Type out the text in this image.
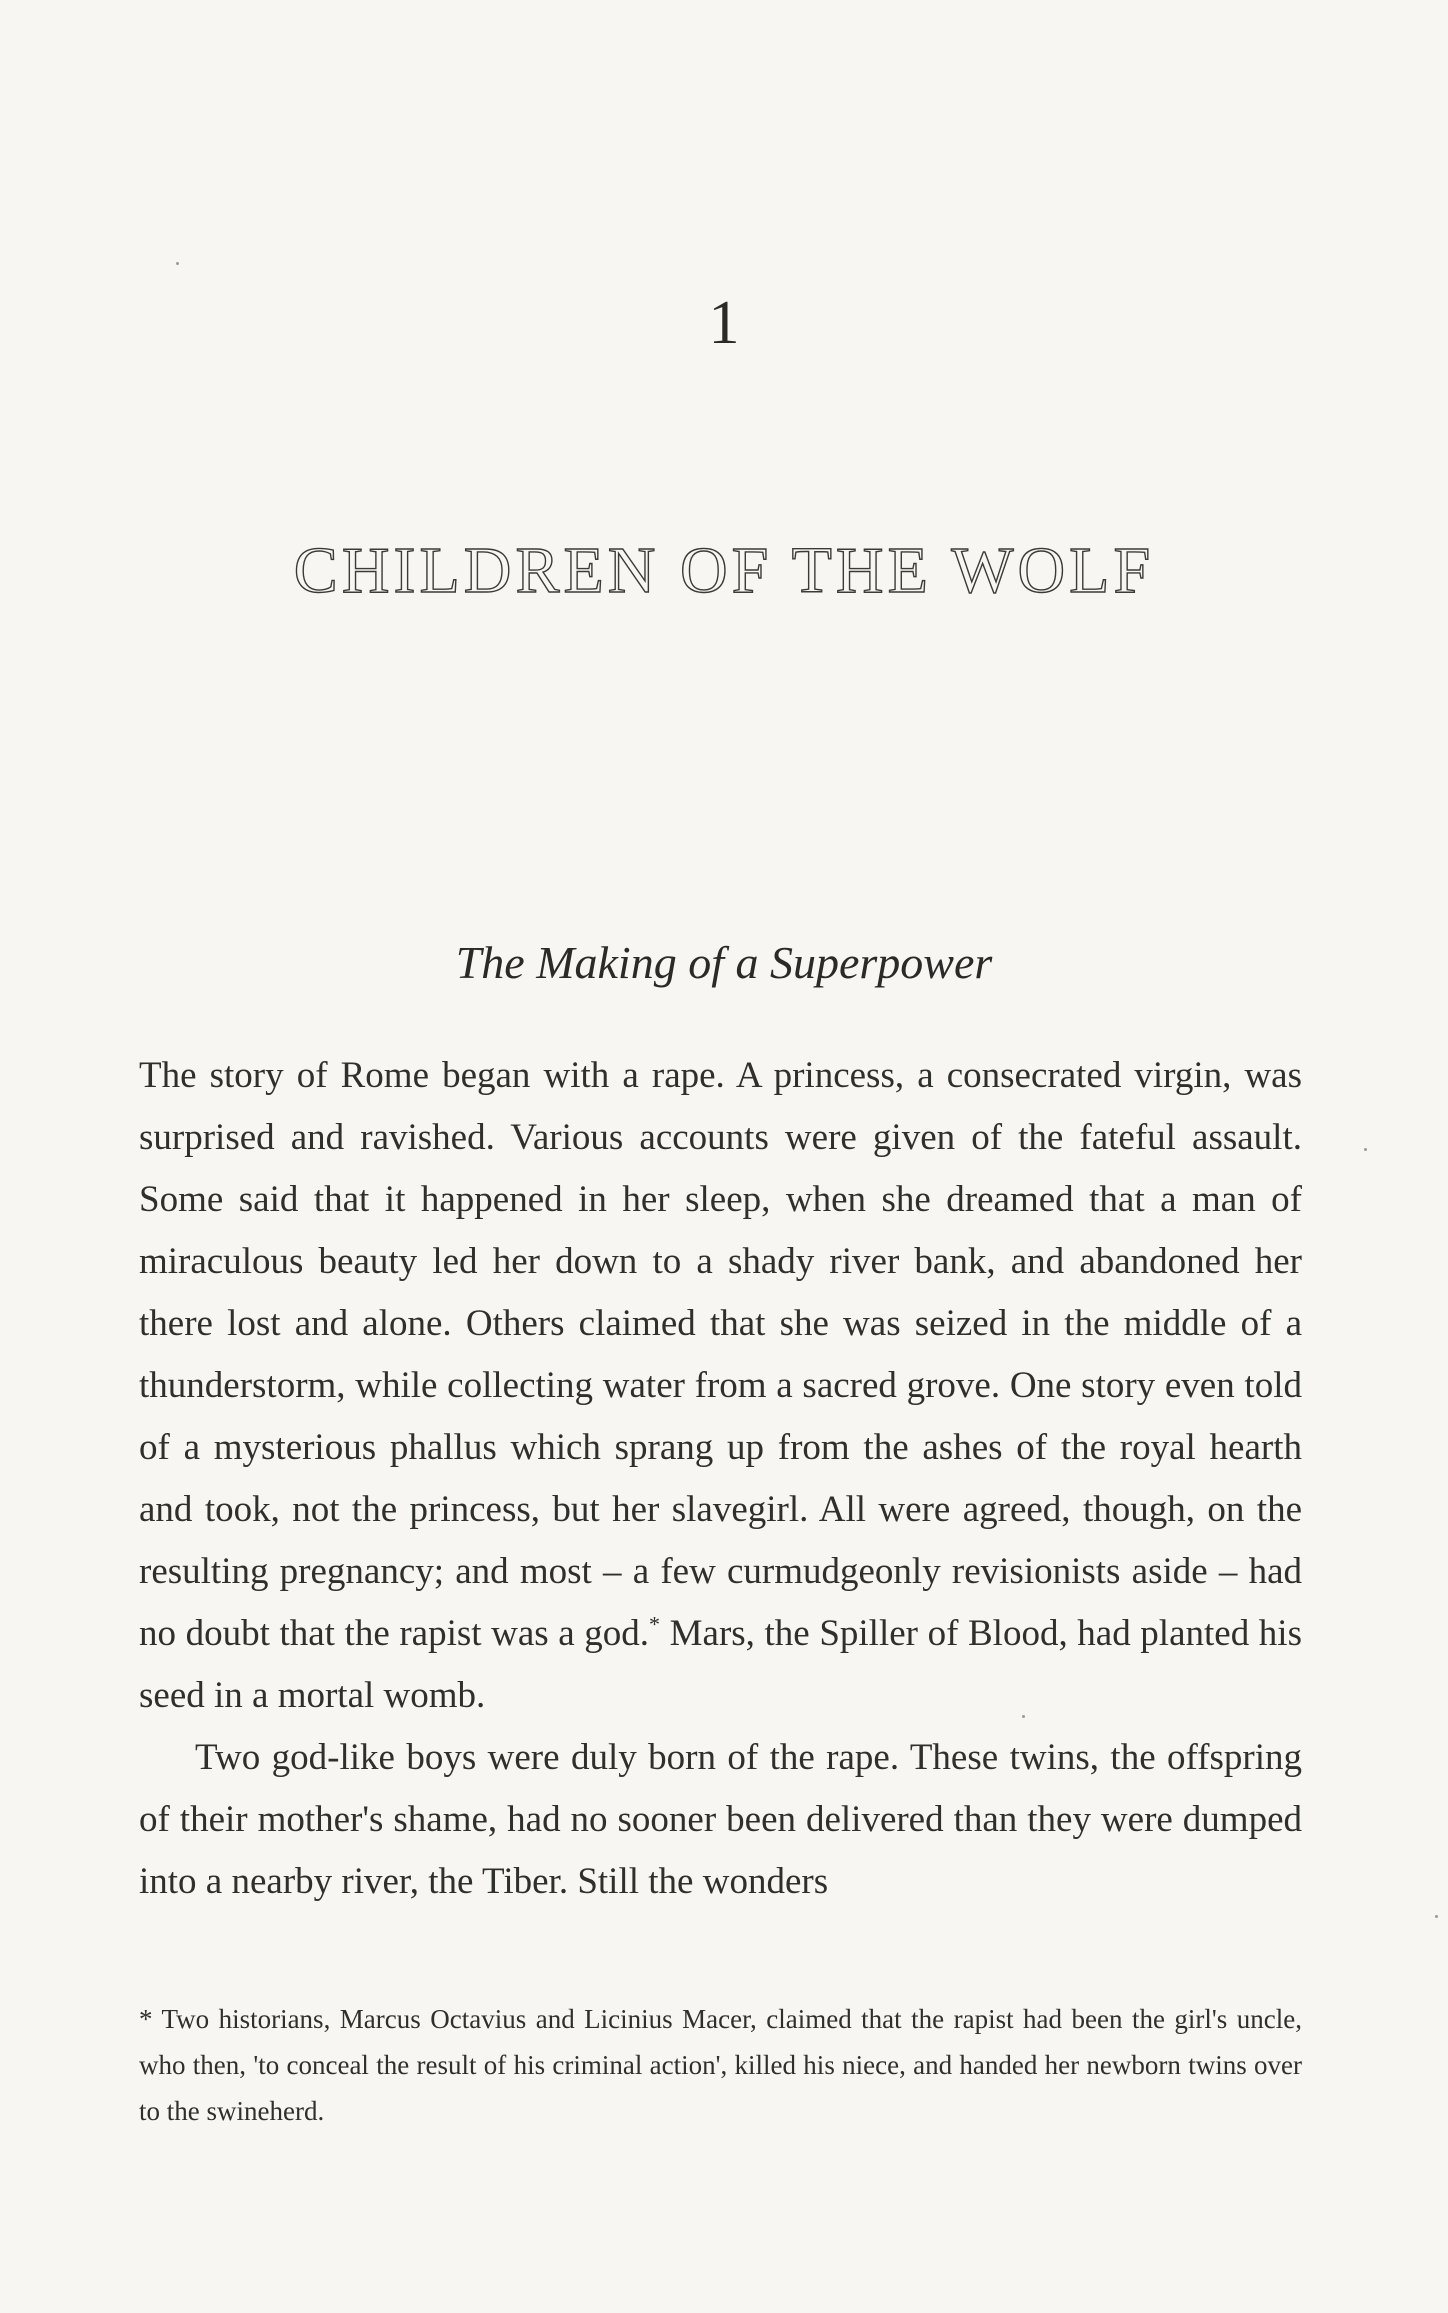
1
CHILDREN OF THE WOLF
The Making of a Superpower

The story of Rome began with a rape. A princess, a consecrated virgin, was surprised and ravished. Various accounts were given of the fateful assault. Some said that it happened in her sleep, when she dreamed that a man of miraculous beauty led her down to a shady river bank, and abandoned her there lost and alone. Others claimed that she was seized in the middle of a thunderstorm, while collecting water from a sacred grove. One story even told of a mysterious phallus which sprang up from the ashes of the royal hearth and took, not the princess, but her slavegirl. All were agreed, though, on the resulting pregnancy; and most – a few curmudgeonly revisionists aside – had no doubt that the rapist was a god.* Mars, the Spiller of Blood, had planted his seed in a mortal womb.

Two god-like boys were duly born of the rape. These twins, the offspring of their mother's shame, had no sooner been delivered than they were dumped into a nearby river, the Tiber. Still the wonders

* Two historians, Marcus Octavius and Licinius Macer, claimed that the rapist had been the girl's uncle, who then, 'to conceal the result of his criminal action', killed his niece, and handed her newborn twins over to the swineherd.
